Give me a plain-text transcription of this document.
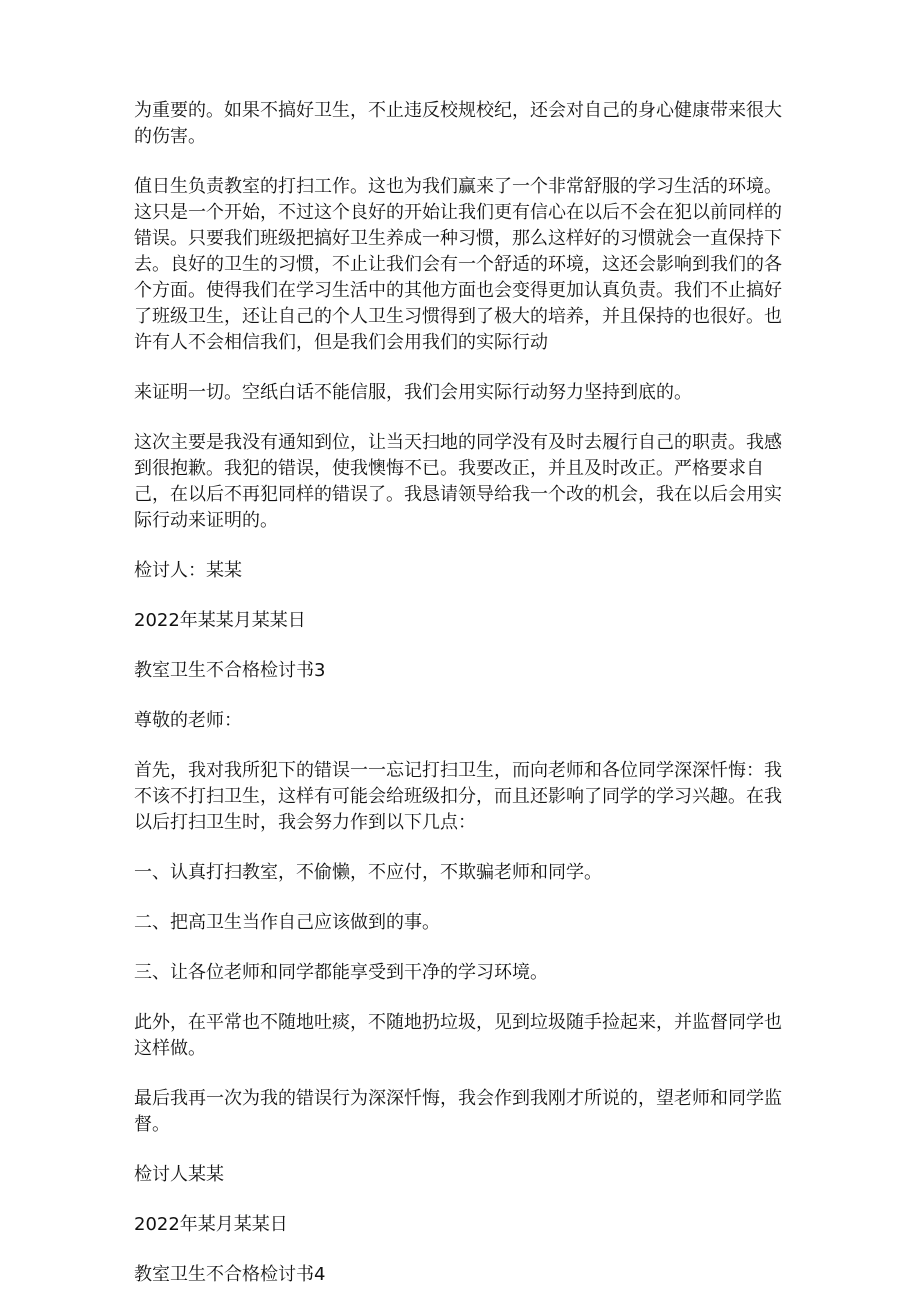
为重要的。如果不搞好卫生，不止违反校规校纪，还会对自己的身心健康带来很大的伤害。

值日生负责教室的打扫工作。这也为我们赢来了一个非常舒服的学习生活的环境。这只是一个开始，不过这个良好的开始让我们更有信心在以后不会在犯以前同样的错误。只要我们班级把搞好卫生养成一种习惯，那么这样好的习惯就会一直保持下去。良好的卫生的习惯，不止让我们会有一个舒适的环境，这还会影响到我们的各个方面。使得我们在学习生活中的其他方面也会变得更加认真负责。我们不止搞好了班级卫生，还让自己的个人卫生习惯得到了极大的培养，并且保持的也很好。也许有人不会相信我们，但是我们会用我们的实际行动

来证明一切。空纸白话不能信服，我们会用实际行动努力坚持到底的。

这次主要是我没有通知到位，让当天扫地的同学没有及时去履行自己的职责。我感到很抱歉。我犯的错误，使我懊悔不已。我要改正，并且及时改正。严格要求自己，在以后不再犯同样的错误了。我恳请领导给我一个改的机会，我在以后会用实际行动来证明的。

检讨人：某某

2022年某某月某某日

教室卫生不合格检讨书3

尊敬的老师：

首先，我对我所犯下的错误一一忘记打扫卫生，而向老师和各位同学深深忏悔：我不该不打扫卫生，这样有可能会给班级扣分，而且还影响了同学的学习兴趣。在我以后打扫卫生时，我会努力作到以下几点：

一、认真打扫教室，不偷懒，不应付，不欺骗老师和同学。

二、把高卫生当作自己应该做到的事。

三、让各位老师和同学都能享受到干净的学习环境。

此外，在平常也不随地吐痰，不随地扔垃圾，见到垃圾随手捡起来，并监督同学也这样做。

最后我再一次为我的错误行为深深忏悔，我会作到我刚才所说的，望老师和同学监督。

检讨人某某

2022年某月某某日

教室卫生不合格检讨书4
